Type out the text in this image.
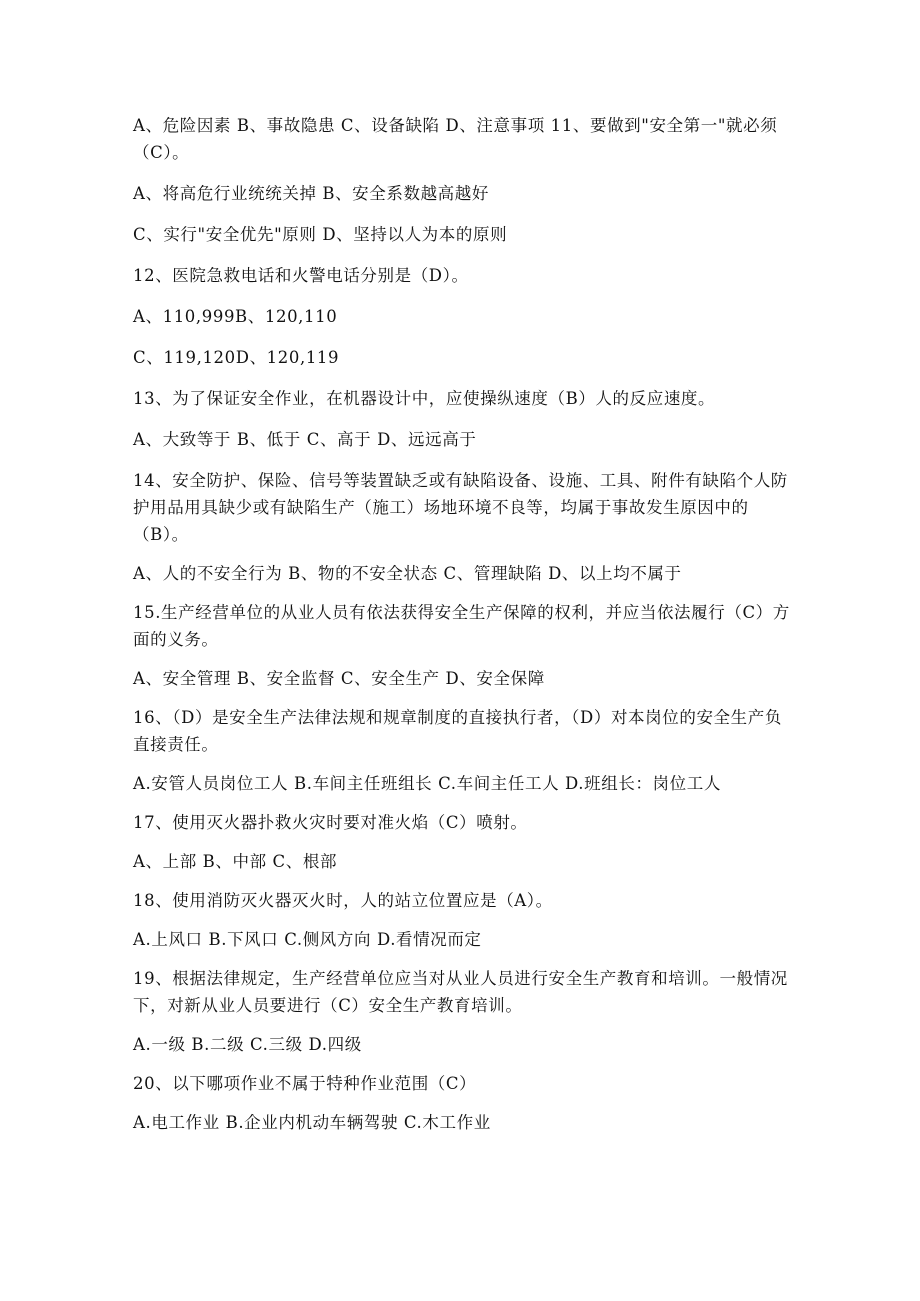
A、危险因素 B、事故隐患 C、设备缺陷 D、注意事项 11、要做到"安全第一"就必须（C）。

A、将高危行业统统关掉 B、安全系数越高越好

C、实行"安全优先"原则 D、坚持以人为本的原则

12、医院急救电话和火警电话分别是（D）。

A、110,999B、120,110

C、119,120D、120,119

13、为了保证安全作业，在机器设计中，应使操纵速度（B）人的反应速度。

A、大致等于 B、低于 C、高于 D、远远高于

14、安全防护、保险、信号等装置缺乏或有缺陷设备、设施、工具、附件有缺陷个人防护用品用具缺少或有缺陷生产（施工）场地环境不良等，均属于事故发生原因中的（B）。

A、人的不安全行为 B、物的不安全状态 C、管理缺陷 D、以上均不属于

15.生产经营单位的从业人员有依法获得安全生产保障的权利，并应当依法履行（C）方面的义务。

A、安全管理 B、安全监督 C、安全生产 D、安全保障

16、（D）是安全生产法律法规和规章制度的直接执行者，（D）对本岗位的安全生产负直接责任。

A.安管人员岗位工人 B.车间主任班组长 C.车间主任工人 D.班组长：岗位工人

17、使用灭火器扑救火灾时要对准火焰（C）喷射。

A、上部 B、中部 C、根部

18、使用消防灭火器灭火时，人的站立位置应是（A）。

A.上风口 B.下风口 C.侧风方向 D.看情况而定

19、根据法律规定，生产经营单位应当对从业人员进行安全生产教育和培训。一般情况下，对新从业人员要进行（C）安全生产教育培训。

A.一级 B.二级 C.三级 D.四级

20、以下哪项作业不属于特种作业范围（C）

A.电工作业 B.企业内机动车辆驾驶 C.木工作业
